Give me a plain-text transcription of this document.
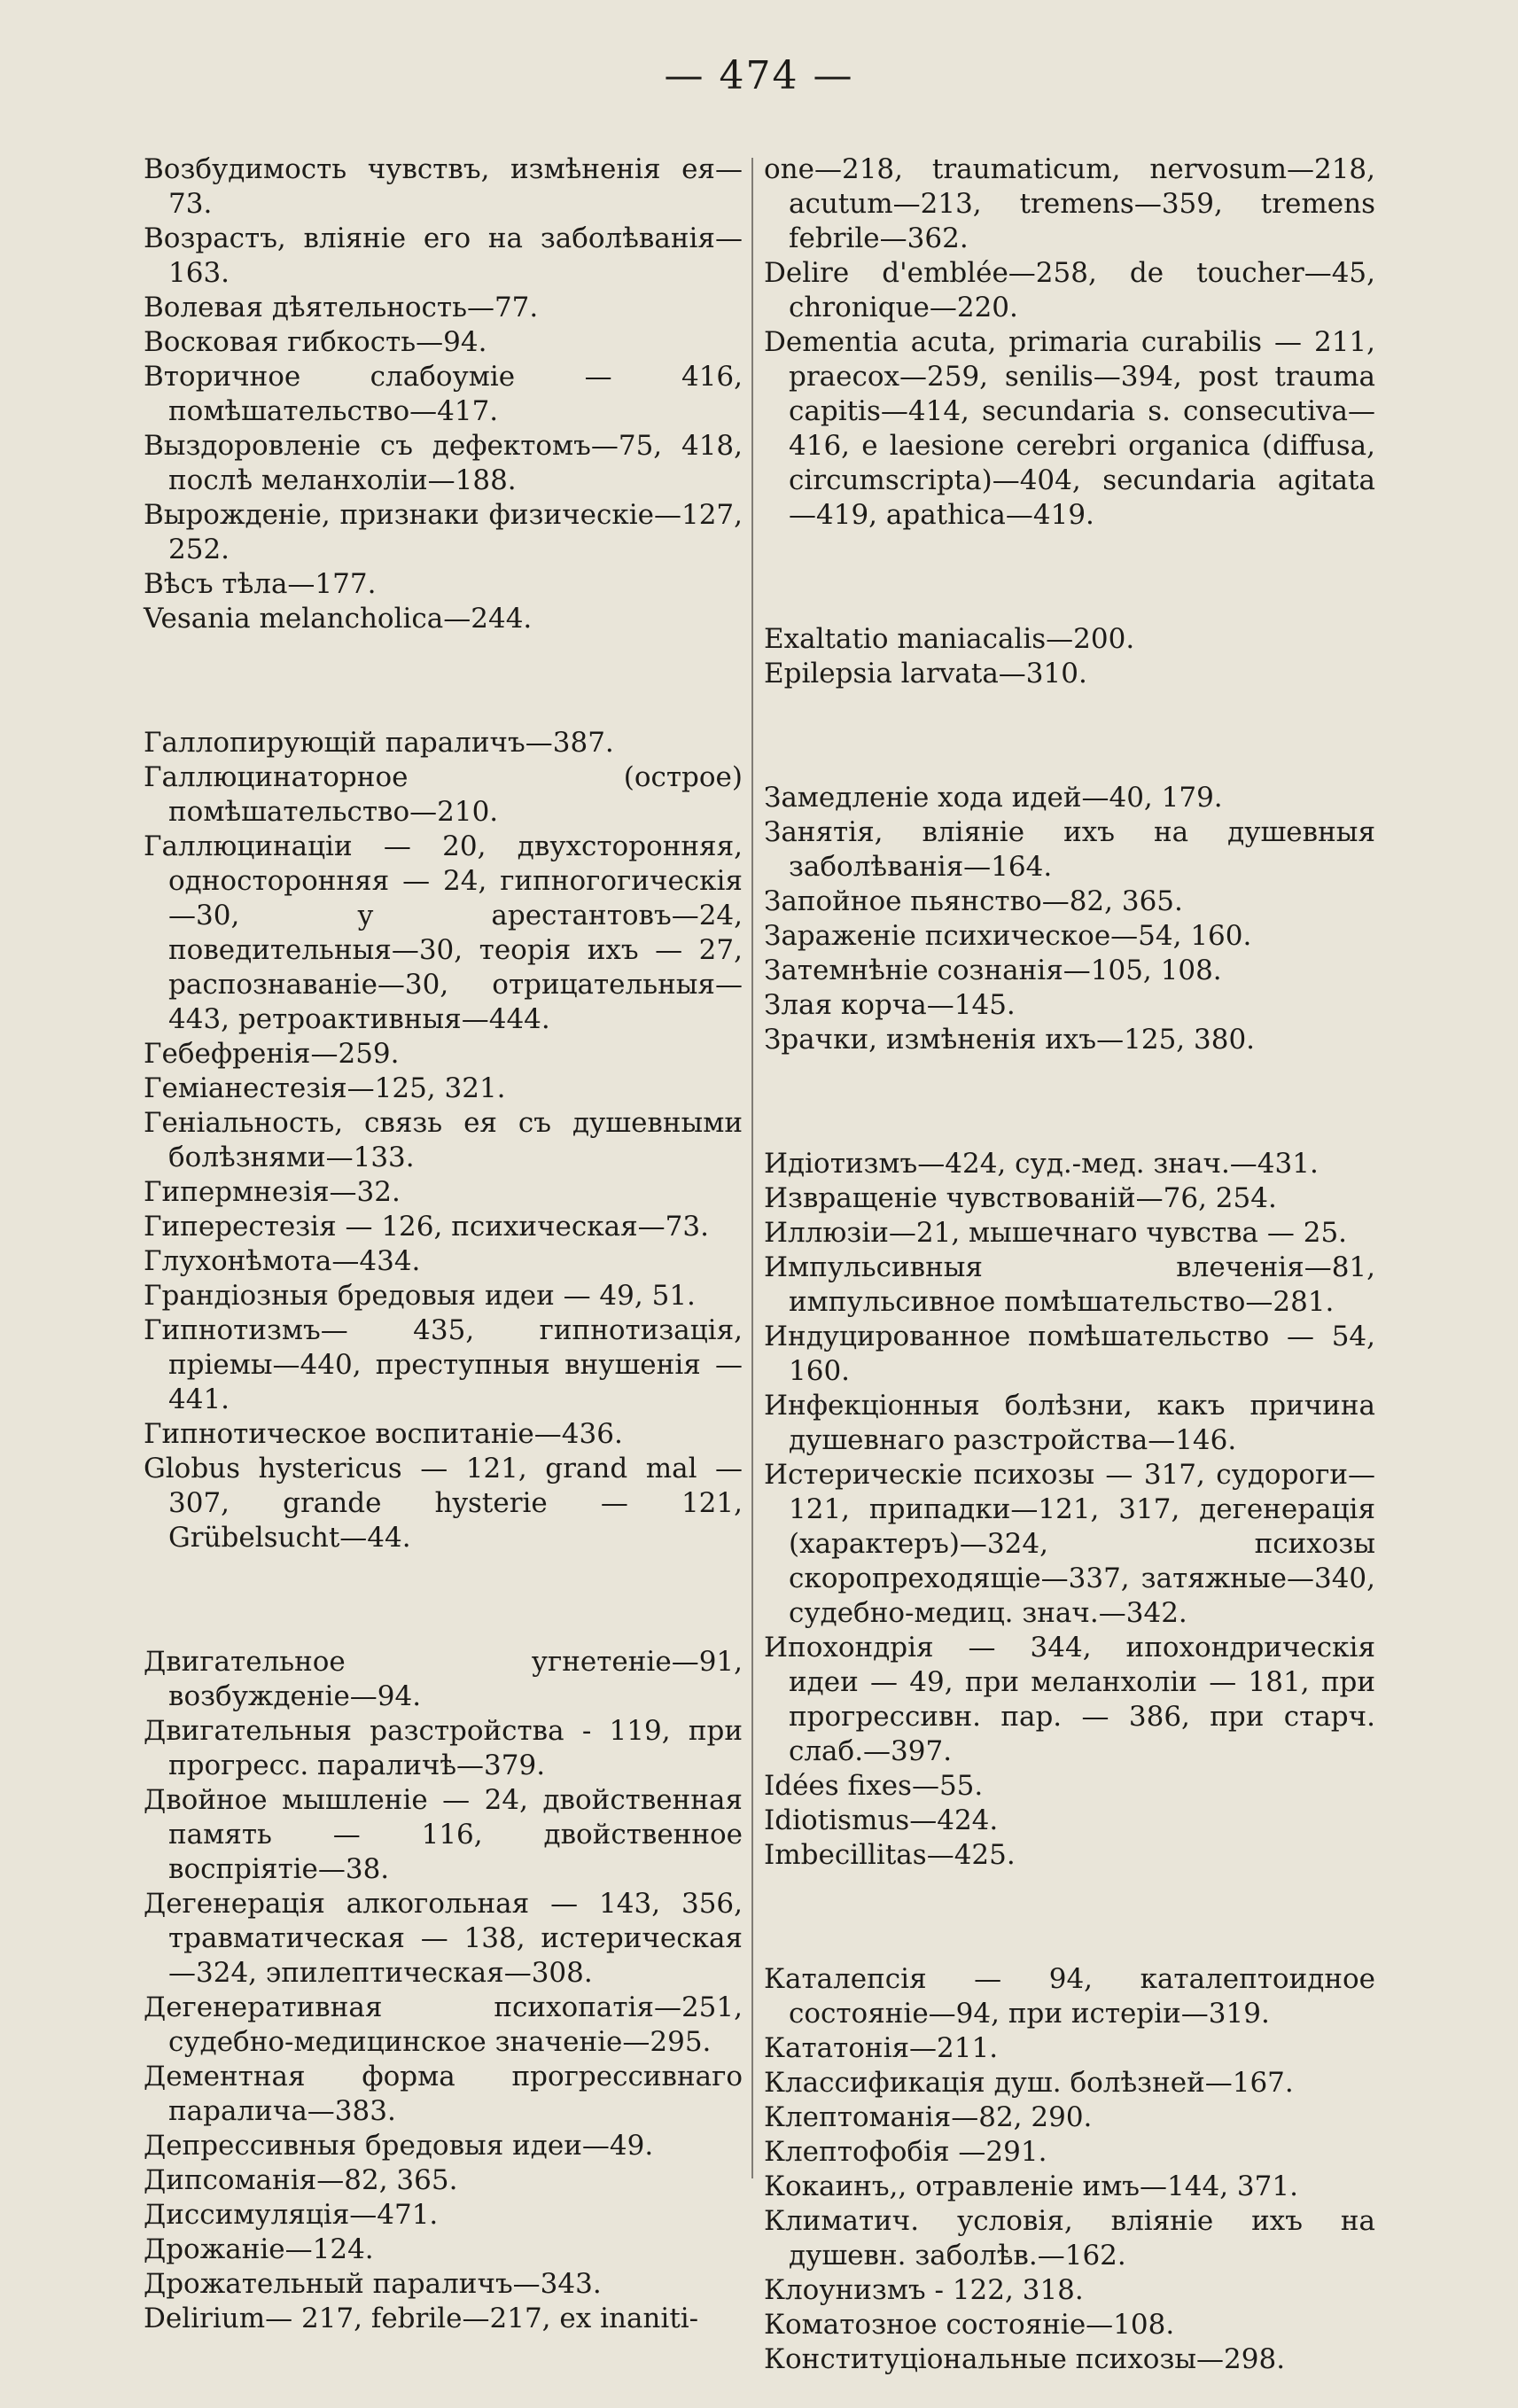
— 474 —

Возбудимость чувствъ, измѣненія ея—73.

Возрастъ, вліяніе его на заболѣванія—163.

Волевая дѣятельность—77.

Восковая гибкость—94.

Вторичное слабоуміе — 416, помѣшательство—417.

Выздоровленіе съ дефектомъ—75, 418, послѣ меланхоліи—188.

Вырожденіе, признаки физическіе—127, 252.

Вѣсъ тѣла—177.

Vesania melancholica—244.

Галлопирующій параличъ—387.

Галлюцинаторное (острое) помѣшательство—210.

Галлюцинаціи — 20, двухсторонняя, односторонняя — 24, гипногогическія—30, у арестантовъ—24, поведительныя—30, теорія ихъ — 27, распознаваніе—30, отрицательныя—443, ретроактивныя—444.

Гебефренія—259.

Геміанестезія—125, 321.

Геніальность, связь ея съ душевными болѣзнями—133.

Гипермнезія—32.

Гиперестезія — 126, психическая—73.

Глухонѣмота—434.

Грандіозныя бредовыя идеи — 49, 51.

Гипнотизмъ— 435, гипнотизація, пріемы—440, преступныя внушенія — 441.

Гипнотическое воспитаніе—436.

Globus hystericus — 121, grand mal — 307, grande hysterie — 121, Grübelsucht—44.

Двигательное угнетеніе—91, возбужденіе—94.

Двигательныя разстройства - 119, при прогресс. параличѣ—379.

Двойное мышленіе — 24, двойственная память — 116, двойственное воспріятіе—38.

Дегенерація алкогольная — 143, 356, травматическая — 138, истерическая—324, эпилептическая—308.

Дегенеративная психопатія—251, судебно-медицинское значеніе—295.

Дементная форма прогрессивнаго паралича—383.

Депрессивныя бредовыя идеи—49.

Дипсоманія—82, 365.

Диссимуляція—471.

Дрожаніе—124.

Дрожательный параличъ—343.

Delirium— 217, febrile—217, ex inaniti-

one—218, traumaticum, nervosum—218, acutum—213, tremens—359, tremens febrile—362.

Delire d'emblée—258, de toucher—45, chronique—220.

Dementia acuta, primaria curabilis — 211, praecox—259, senilis—394, post trauma capitis—414, secundaria s. consecutiva—416, e laesione cerebri organica (diffusa, circumscripta)—404, secundaria agitata—419, apathica—419.

Exaltatio maniacalis—200.

Epilepsia larvata—310.

Замедленіе хода идей—40, 179.

Занятія, вліяніе ихъ на душевныя заболѣванія—164.

Запойное пьянство—82, 365.

Зараженіе психическое—54, 160.

Затемнѣніе сознанія—105, 108.

Злая корча—145.

Зрачки, измѣненія ихъ—125, 380.

Идіотизмъ—424, суд.-мед. знач.—431.

Извращеніе чувствованій—76, 254.

Иллюзіи—21, мышечнаго чувства — 25.

Импульсивныя влеченія—81, импульсивное помѣшательство—281.

Индуцированное помѣшательство — 54, 160.

Инфекціонныя болѣзни, какъ причина душевнаго разстройства—146.

Истерическіе психозы — 317, судороги—121, припадки—121, 317, дегенерація (характеръ)—324, психозы скоропреходящіе—337, затяжные—340, судебно-медиц. знач.—342.

Ипохондрія — 344, ипохондрическія идеи — 49, при меланхоліи — 181, при прогрессивн. пар. — 386, при старч. слаб.—397.

Idées fixes—55.

Idiotismus—424.

Imbecillitas—425.

Каталепсія — 94, каталептоидное состояніе—94, при истеріи—319.

Кататонія—211.

Классификація душ. болѣзней—167.

Клептоманія—82, 290.

Клептофобія —291.

Кокаинъ,, отравленіе имъ—144, 371.

Климатич. условія, вліяніе ихъ на душевн. заболѣв.—162.

Клоунизмъ - 122, 318.

Коматозное состояніе—108.

Конституціональные психозы—298.
